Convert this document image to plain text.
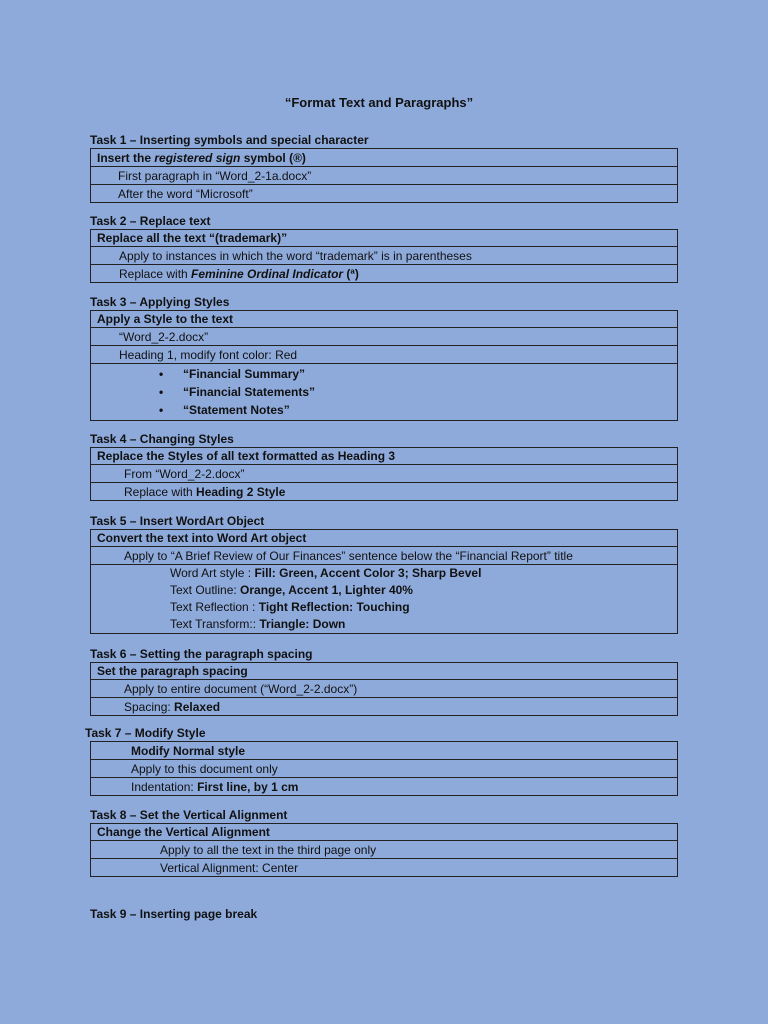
“Format Text and Paragraphs”
Task 1 – Inserting symbols and special character
Insert the registered sign symbol (®)
First paragraph in “Word_2-1a.docx”
After the word “Microsoft”
Task 2 – Replace text
Replace all the text “(trademark)”
Apply to instances in which the word “trademark” is in parentheses
Replace with Feminine Ordinal Indicator (ª)
Task 3 – Applying Styles
Apply a Style to the text
“Word_2-2.docx”
Heading 1, modify font color: Red

• “Financial Summary”
• “Financial Statements”
• “Statement Notes”
Task 4 – Changing Styles
Replace the Styles of all text formatted as Heading 3
From “Word_2-2.docx”
Replace with Heading 2 Style
Task 5 – Insert WordArt Object
Convert the text into Word Art object
Apply to “A Brief Review of Our Finances” sentence below the “Financial Report” title

Word Art style : Fill: Green, Accent Color 3; Sharp Bevel
Text Outline: Orange, Accent 1, Lighter 40%
Text Reflection : Tight Reflection: Touching
Text Transform:: Triangle: Down
Task 6 – Setting the paragraph spacing
Set the paragraph spacing
Apply to entire document (“Word_2-2.docx”)
Spacing: Relaxed
Task 7 – Modify Style
Modify Normal style
Apply to this document only
Indentation: First line, by 1 cm
Task 8 – Set the Vertical Alignment
Change the Vertical Alignment
Apply to all the text in the third page only
Vertical Alignment: Center
Task 9 – Inserting page break
